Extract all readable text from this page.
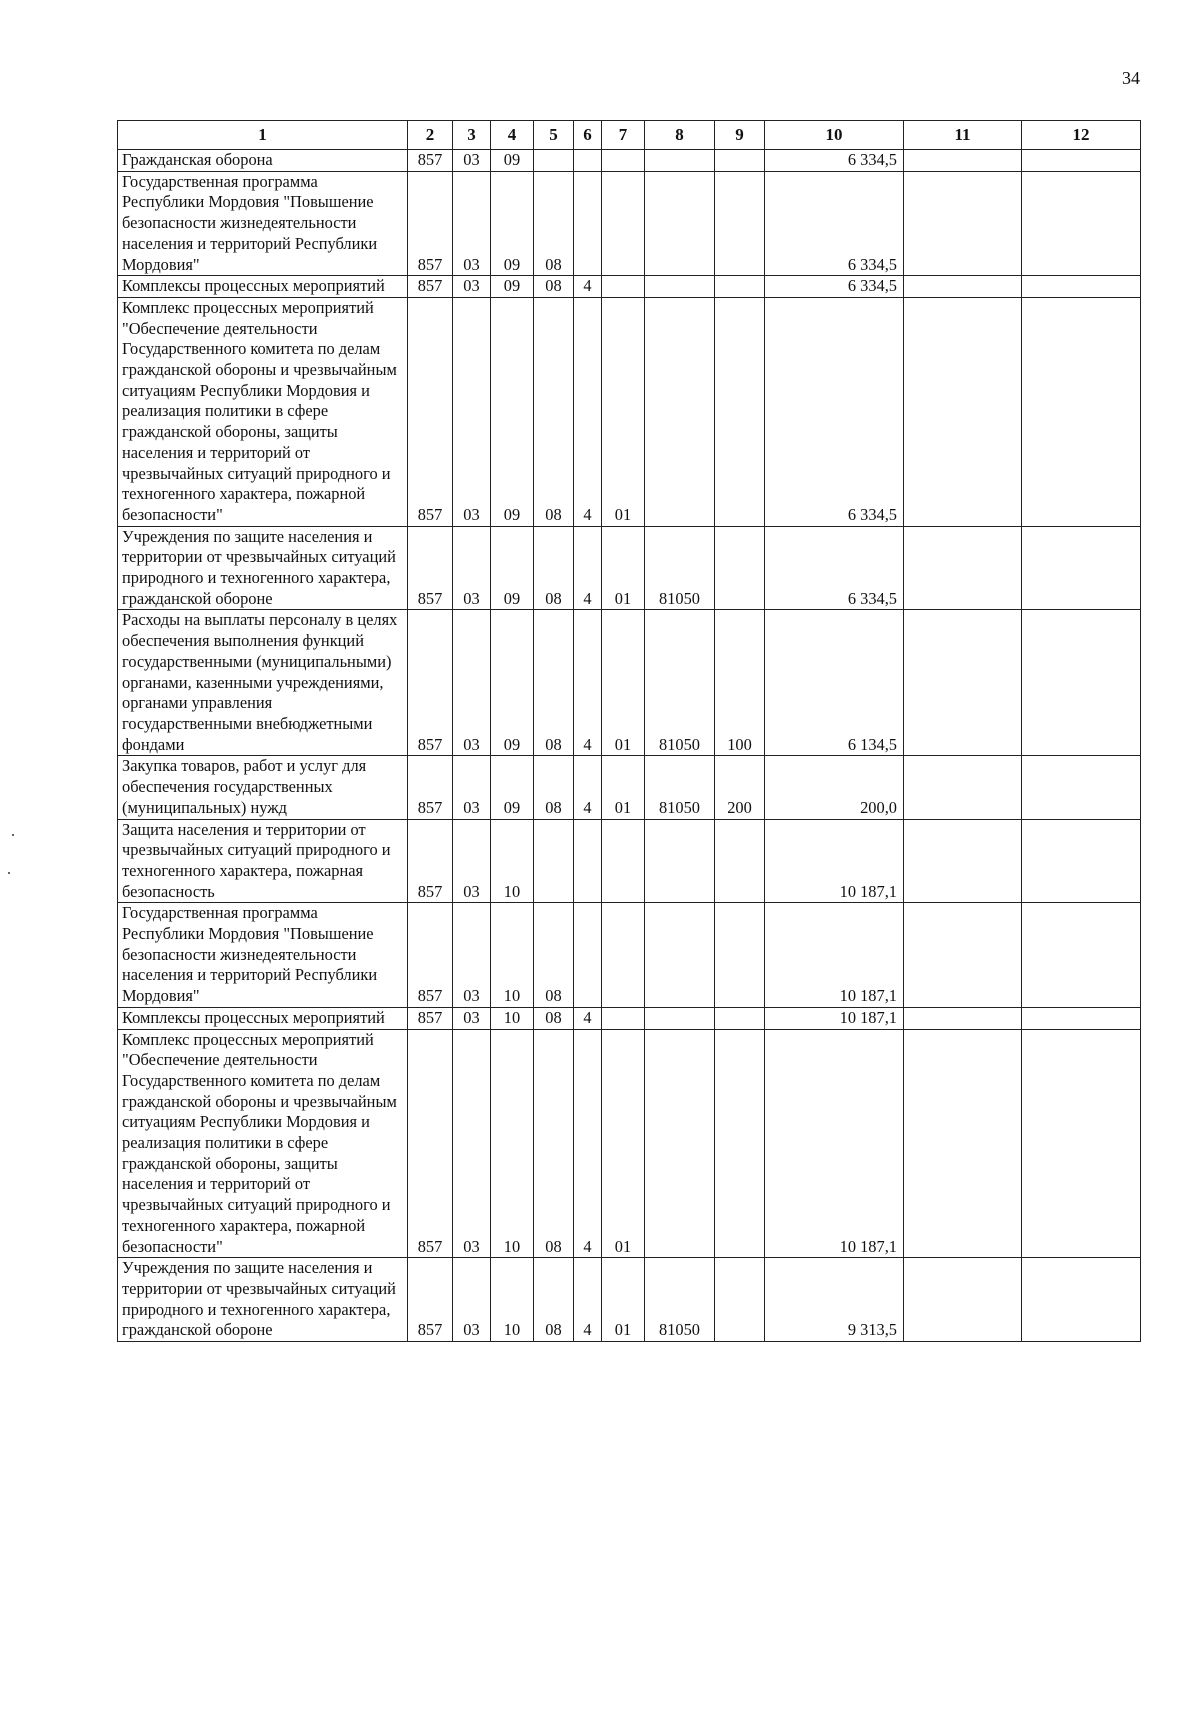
34
1	2	3	4	5	6	7	8	9	10	11	12
Гражданская оборона	857	03	09						6 334,5		
Государственная программа Республики Мордовия "Повышение безопасности жизнедеятельности населения и территорий Республики Мордовия"	857	03	09	08					6 334,5		
Комплексы процессных мероприятий	857	03	09	08	4				6 334,5		
Комплекс процессных мероприятий "Обеспечение деятельности Государственного комитета по делам гражданской обороны и чрезвычайным ситуациям Республики Мордовия и реализация политики в сфере гражданской обороны, защиты населения и территорий от чрезвычайных ситуаций природного и техногенного характера, пожарной безопасности"	857	03	09	08	4	01			6 334,5		
Учреждения по защите населения и территории от чрезвычайных ситуаций природного и техногенного характера, гражданской обороне	857	03	09	08	4	01	81050		6 334,5		
Расходы на выплаты персоналу в целях обеспечения выполнения функций государственными (муниципальными) органами, казенными учреждениями, органами управления государственными внебюджетными фондами	857	03	09	08	4	01	81050	100	6 134,5		
Закупка товаров, работ и услуг для обеспечения государственных (муниципальных) нужд	857	03	09	08	4	01	81050	200	200,0		
Защита населения и территории от чрезвычайных ситуаций природного и техногенного характера, пожарная безопасность	857	03	10						10 187,1		
Государственная программа Республики Мордовия "Повышение безопасности жизнедеятельности населения и территорий Республики Мордовия"	857	03	10	08					10 187,1		
Комплексы процессных мероприятий	857	03	10	08	4				10 187,1		
Комплекс процессных мероприятий "Обеспечение деятельности Государственного комитета по делам гражданской обороны и чрезвычайным ситуациям Республики Мордовия и реализация политики в сфере гражданской обороны, защиты населения и территорий от чрезвычайных ситуаций природного и техногенного характера, пожарной безопасности"	857	03	10	08	4	01			10 187,1		
Учреждения по защите населения и территории от чрезвычайных ситуаций природного и техногенного характера, гражданской обороне	857	03	10	08	4	01	81050		9 313,5		
